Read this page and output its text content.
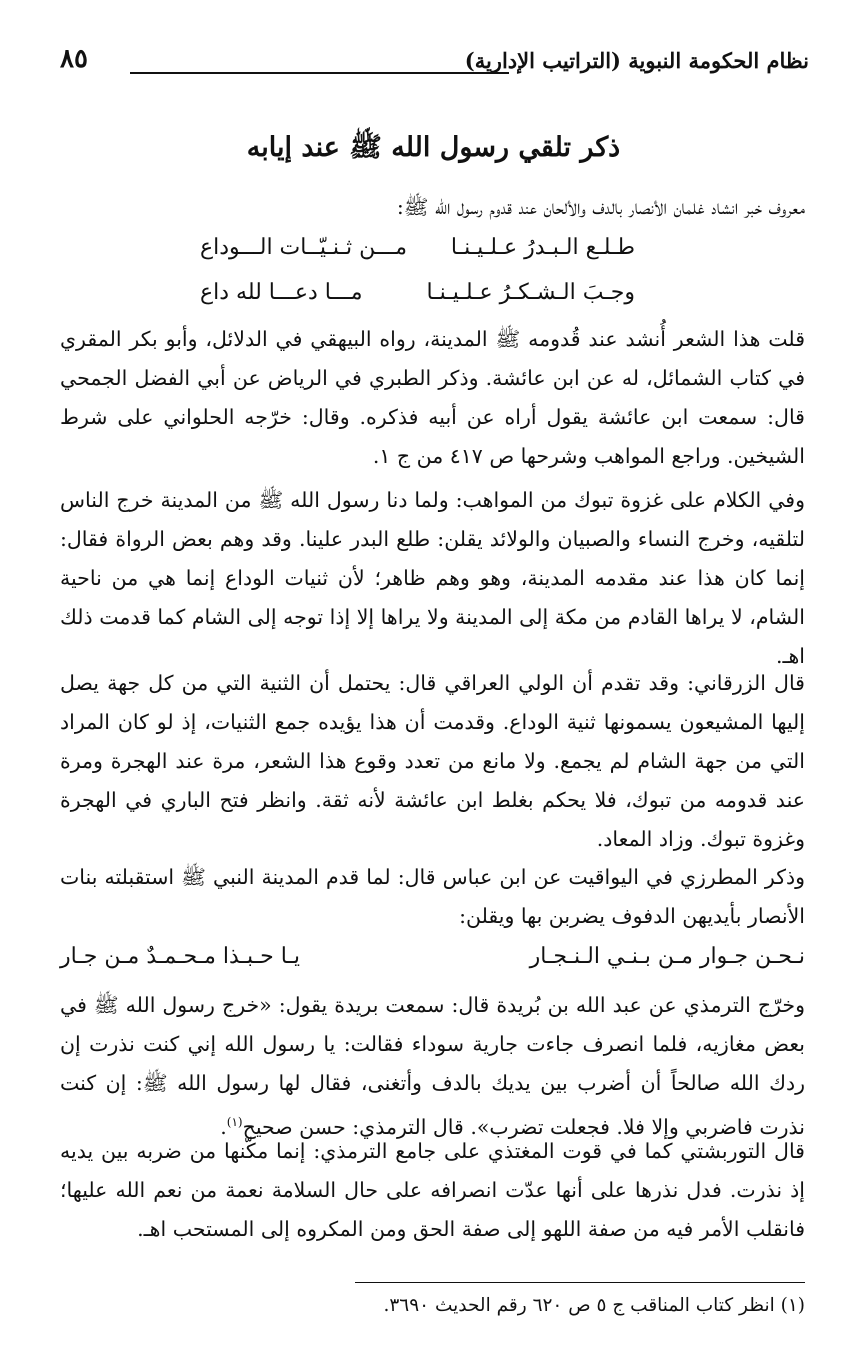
نظام الحكومة النبوية (التراتيب الإدارية)
٨٥
ذكر تلقي رسول الله ﷺ عند إيابه

معروف خبر انشاد غلمان الأنصار بالدف والألحان عند قدوم رسول الله ﷺ:

طـلـع الـبـدرُ عـلـيـنـا
مـــن ثـنـيّــات الـــوداع
وجـبَ الـشـكـرُ عـلـيـنـا
مـــا دعـــا لله داع

قلت هذا الشعر أُنشد عند قُدومه ﷺ المدينة، رواه البيهقي في الدلائل، وأبو بكر المقري في كتاب الشمائل، له عن ابن عائشة. وذكر الطبري في الرياض عن أبي الفضل الجمحي قال: سمعت ابن عائشة يقول أراه عن أبيه فذكره. وقال: خرّجه الحلواني على شرط الشيخين. وراجع المواهب وشرحها ص ٤١٧ من ج ١.

وفي الكلام على غزوة تبوك من المواهب: ولما دنا رسول الله ﷺ من المدينة خرج الناس لتلقيه، وخرج النساء والصبيان والولائد يقلن: طلع البدر علينا. وقد وهم بعض الرواة فقال: إنما كان هذا عند مقدمه المدينة، وهو وهم ظاهر؛ لأن ثنيات الوداع إنما هي من ناحية الشام، لا يراها القادم من مكة إلى المدينة ولا يراها إلا إذا توجه إلى الشام كما قدمت ذلك اهـ.

قال الزرقاني: وقد تقدم أن الولي العراقي قال: يحتمل أن الثنية التي من كل جهة يصل إليها المشيعون يسمونها ثنية الوداع. وقدمت أن هذا يؤيده جمع الثنيات، إذ لو كان المراد التي من جهة الشام لم يجمع. ولا مانع من تعدد وقوع هذا الشعر، مرة عند الهجرة ومرة عند قدومه من تبوك، فلا يحكم بغلط ابن عائشة لأنه ثقة. وانظر فتح الباري في الهجرة وغزوة تبوك. وزاد المعاد.

وذكر المطرزي في اليواقيت عن ابن عباس قال: لما قدم المدينة النبي ﷺ استقبلته بنات الأنصار بأيديهن الدفوف يضربن بها ويقلن:

نـحـن جـوار مـن بـنـي الـنـجـار
يـا حـبـذا مـحـمـدٌ مـن جـار

وخرّج الترمذي عن عبد الله بن بُريدة قال: سمعت بريدة يقول: «خرج رسول الله ﷺ في بعض مغازيه، فلما انصرف جاءت جارية سوداء فقالت: يا رسول الله إني كنت نذرت إن ردك الله صالحاً أن أضرب بين يديك بالدف وأتغنى، فقال لها رسول الله ﷺ: إن كنت نذرت فاضربي وإلا فلا. فجعلت تضرب». قال الترمذي: حسن صحيح$^{(١)}$.

قال التوربشتي كما في قوت المغتذي على جامع الترمذي: إنما مكّنها من ضربه بين يديه إذ نذرت. فدل نذرها على أنها عدّت انصرافه على حال السلامة نعمة من نعم الله عليها؛ فانقلب الأمر فيه من صفة اللهو إلى صفة الحق ومن المكروه إلى المستحب اهـ.

(١) انظر كتاب المناقب ج ٥ ص ٦٢٠ رقم الحديث ٣٦٩٠.
